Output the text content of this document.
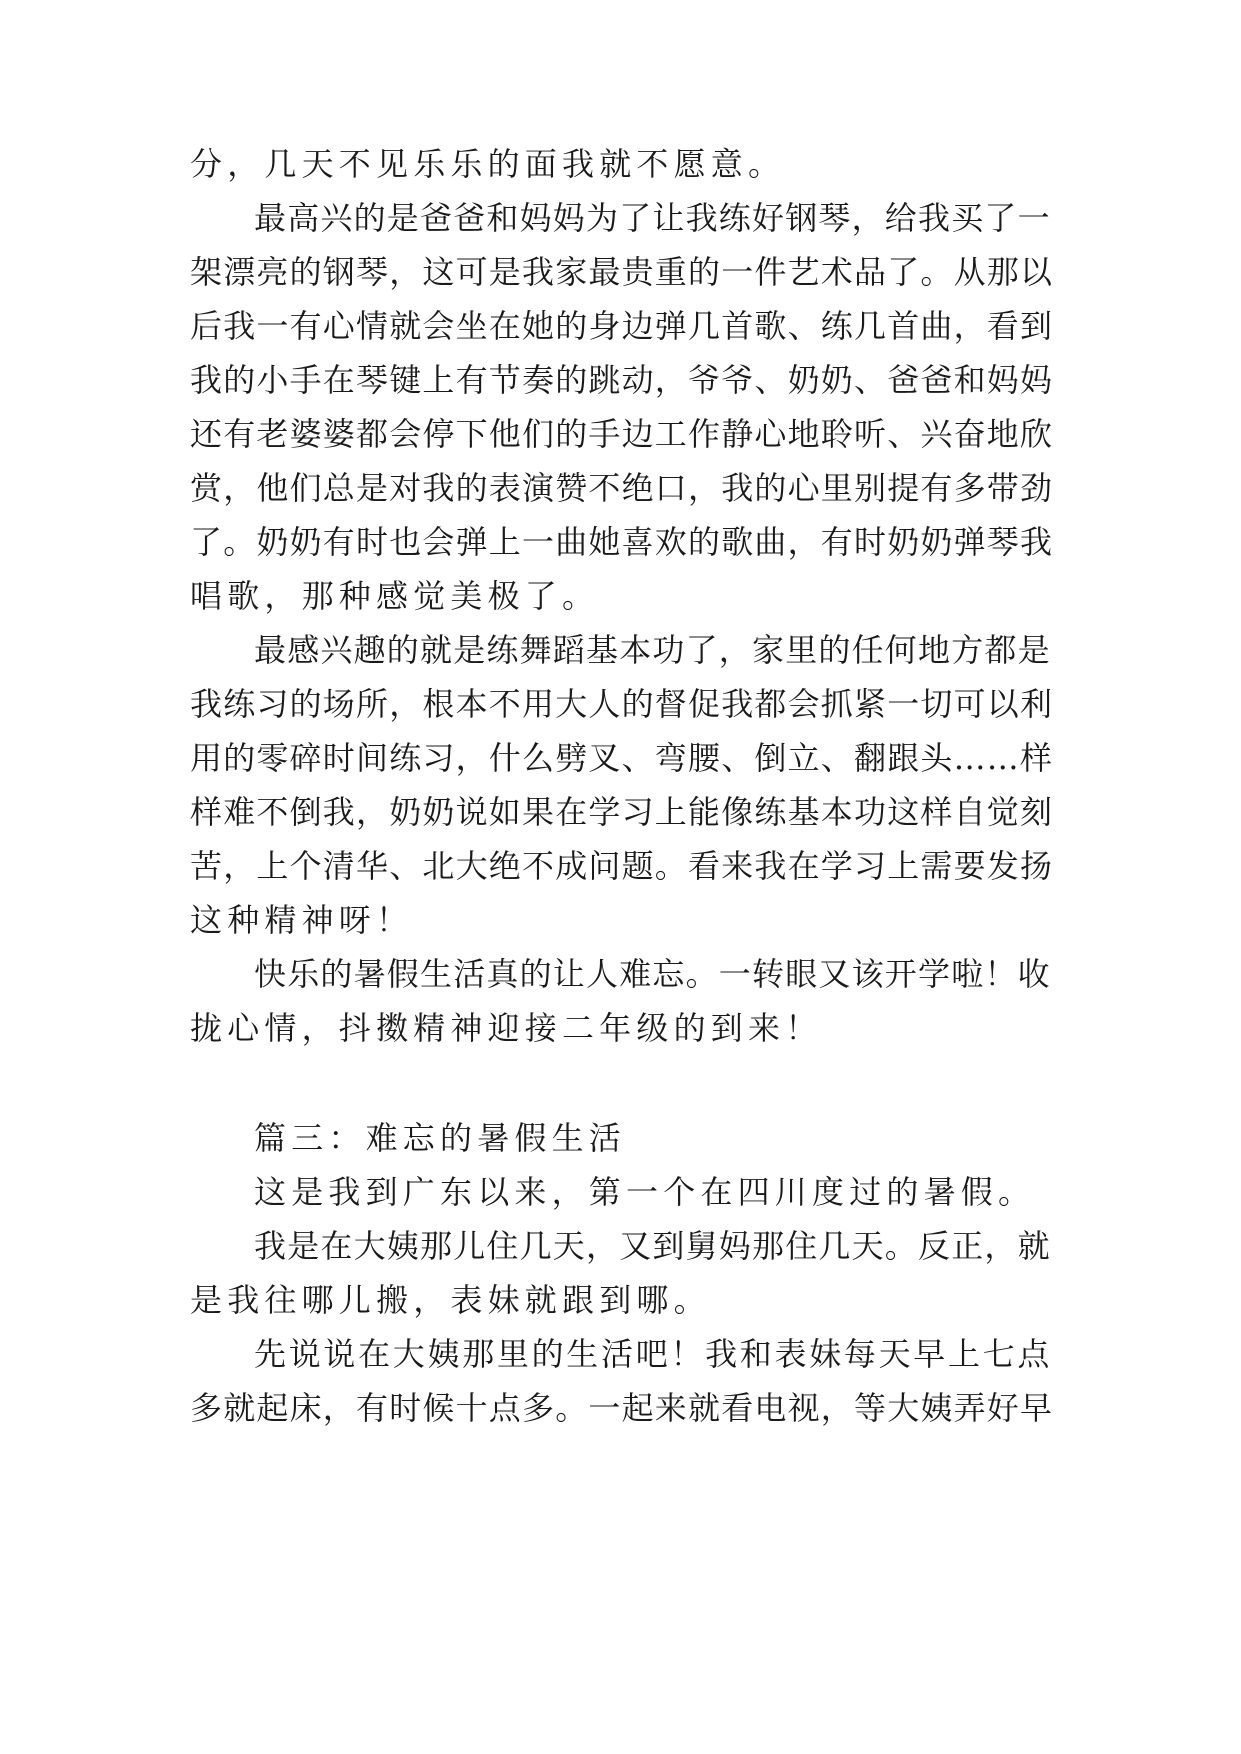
分，几天不见乐乐的面我就不愿意。
最高兴的是爸爸和妈妈为了让我练好钢琴，给我买了一
架漂亮的钢琴，这可是我家最贵重的一件艺术品了。从那以
后我一有心情就会坐在她的身边弹几首歌、练几首曲，看到
我的小手在琴键上有节奏的跳动，爷爷、奶奶、爸爸和妈妈
还有老婆婆都会停下他们的手边工作静心地聆听、兴奋地欣
赏，他们总是对我的表演赞不绝口，我的心里别提有多带劲
了。奶奶有时也会弹上一曲她喜欢的歌曲，有时奶奶弹琴我
唱歌，那种感觉美极了。
最感兴趣的就是练舞蹈基本功了，家里的任何地方都是
我练习的场所，根本不用大人的督促我都会抓紧一切可以利
用的零碎时间练习，什么劈叉、弯腰、倒立、翻跟头……样
样难不倒我，奶奶说如果在学习上能像练基本功这样自觉刻
苦，上个清华、北大绝不成问题。看来我在学习上需要发扬
这种精神呀！
快乐的暑假生活真的让人难忘。一转眼又该开学啦！收
拢心情，抖擞精神迎接二年级的到来！
篇三：难忘的暑假生活
这是我到广东以来，第一个在四川度过的暑假。
我是在大姨那儿住几天，又到舅妈那住几天。反正，就
是我往哪儿搬，表妹就跟到哪。
先说说在大姨那里的生活吧！我和表妹每天早上七点
多就起床，有时候十点多。一起来就看电视，等大姨弄好早
